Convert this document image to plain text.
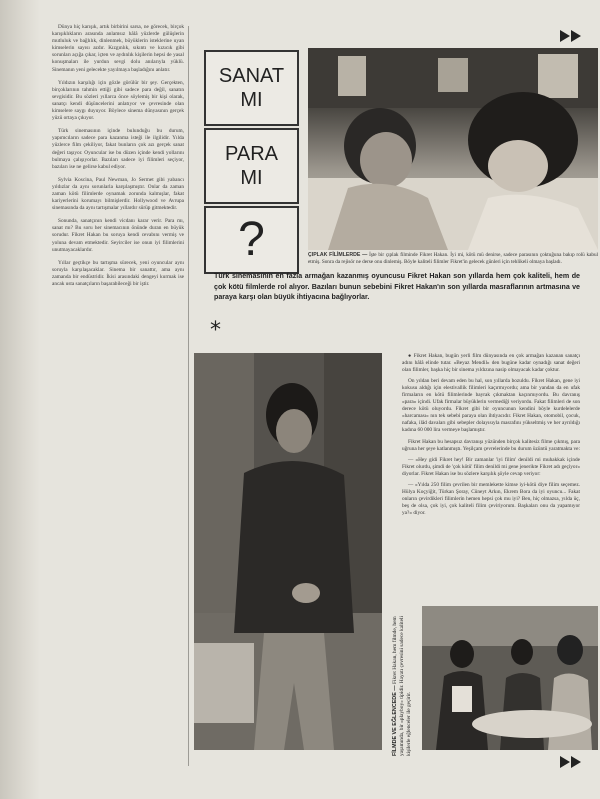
Dünya hiç karışık, artık birbirini sarsa, ne görecek, birçok karışıklıkların arasında anlamsız hâlâ yüzlerde gülüşlerin mutluluk ve bağlılık, dinlenmek, büyüklerin isteklerine uyan kimselerin sayısı azdır. Kızgınlık, sıkıntı ve kızıcık gibi sorunları açığa çıkar, içten ve aydınlık kişilerin hepsi de yasal konuşmaları ile yurdun sevgi dolu anılarıyla yüklü. Sinemanın yeni gelecekte yayılmaya başladığını anlatır.

Yıldızın karşılığı için gözle görülür bir şey. Gerçekten, birçoklarının tahmin ettiği gibi sadece para değil, sanatın sevgisidir. Bu sözleri yıllarca önce söylemiş bir kişi olarak, sanatçı kendi düşüncelerini anlatıyor ve çevresinde olan kimselere saygı duyuyor. Böylece sinema dünyasının gerçek yüzü ortaya çıkıyor.

Türk sinemasının içinde bulunduğu bu durum, yapımcıların sadece para kazanma isteği ile ilgilidir. Yılda yüzlerce film çekiliyor, fakat bunların çok azı gerçek sanat değeri taşıyor. Oyuncular ise bu düzen içinde kendi yollarını bulmaya çalışıyorlar. Bazıları sadece iyi filimleri seçiyor, bazıları ise ne gelirse kabul ediyor.

Sylvia Koscina, Paul Newman, Jo Sermet gibi yabancı yıldızlar da aynı sorunlarla karşılaşmıştır. Onlar da zaman zaman kötü filimlerde oynamak zorunda kalmışlar, fakat kariyerlerini korumayı bilmişlerdir. Hollywood ve Avrupa sinemasında da aynı tartışmalar yıllardır sürüp gitmektedir.

Sonunda, sanatçının kendi vicdanı karar verir. Para mı, sanat mı? Bu soru her sinemacının önünde duran en büyük sorudur. Fikret Hakan bu soruya kendi cevabını vermiş ve yoluna devam etmektedir. Seyirciler ise onun iyi filimlerini unutmayacaklardır.

Yıllar geçtikçe bu tartışma sürecek, yeni oyuncular aynı soruyla karşılaşacaklar. Sinema bir sanattır, ama aynı zamanda bir endüstridir. İkisi arasındaki dengeyi kurmak ise ancak usta sanatçıların başarabileceği bir iştir.

SANAT
MI
PARA
MI
?	ÇIPLAK FİLİMLERDE — İşte bir çıplak filminde Fikret Hakan. İyi mi, kötü mü denirse, sadece parasının çoktuğuna bakıp rolü kabul etmiş. Sonra da rejisör ne derse onu dinlemiş. Böyle kaliteli filimler Fikret'in gelecek günleri için tehlikeli olmaya başladı.
Türk sinemasının en fazla armağan kazanmış oyuncusu Fikret Hakan son yıllarda hem çok kaliteli, hem de çok kötü filmlerde rol alıyor. Bazıları bunun sebebini Fikret Hakan'ın son yıllarda masraflarının artmasına ve paraya karşı olan büyük ihtiyacına bağlıyorlar.
*

● Fikret Hakan, bugün yerli film dünyasında en çok armağan kazanan sanatçı adını hâlâ elinde tutar. «Beyaz Mendil» den bugüne kadar oynadığı sanat değeri olan filimler, başka hiç bir sinema yıldızına nasip olmayacak kadar çoktur.

On yıldan beri devam eden bu hal, son yıllarda bozuldu. Fikret Hakan, gene iyi kokusu aldığı için elestivallik filimleri kaçırmıyordu; ama bir yandan da en ufak firmaların en kötü filimlerinde bayrak çıkmaktan kaçınmıyordu. Bu davranış «para» içindi. Ufak firmalar büyüklerin vermediği veriyordu. Fakat filimleri de son derece kötü oluyordu. Fikret gibi bir oyuncunun kendini böyle kurdelelerde «harcaması» nın tek sebebi paraya olan ihtiyacıdır. Fikret Hakan, otomobil, çocuk, nafaka, ilâd davaları gibi sebepler dolayısıyla masrafını yükseltmiş ve her ayrıldığı kadına 60 000 lira vermeye başlamıştır.

Fikret Hakan bu hesapsız davranışı yüzünden birçok kalitesiz filme çıkmış, para uğruna her şeye katlanmıştı. Yeşilçam çevrelerinde bu durum üzüntü yaratmakta ve:

— «Hey gidi Fikret hey! Bir zamanlar 'iyi filim' denildi mi muhakkak içinde Fikret olurdu, şimdi de 'çok kötü' filim denildi mi gene jenerikte Fikret adı geçiyor» diyorlar. Fikret Hakan ise bu sözlere karşılık şöyle cevap veriyor:

— «Yılda 250 filim çevrilen bir memlekette kimse iyi-kötü diye filim seçemez. Hülya Koçyiğit, Türkan Şoray, Cüneyt Arkın, Ekrem Bora da iyi oyuncu... Fakat onların çevirdikleri filimlerin hemen hepsi çok mu iyi? Ben, hiç olmazsa, yılda üç, beş de olsa, çok iyi, çok kaliteli filim çeviriyorum. Başkaları onu da yapamıyor ya?» diyor.

FİLMDE VE EĞLENCEDE — Fikret Hakan, hem filmde, hem yaşamında, bir «playboy» tipidir. Hayatı çevresini sadece kaliteli kişilerle eğlenceler ile geçirir.
